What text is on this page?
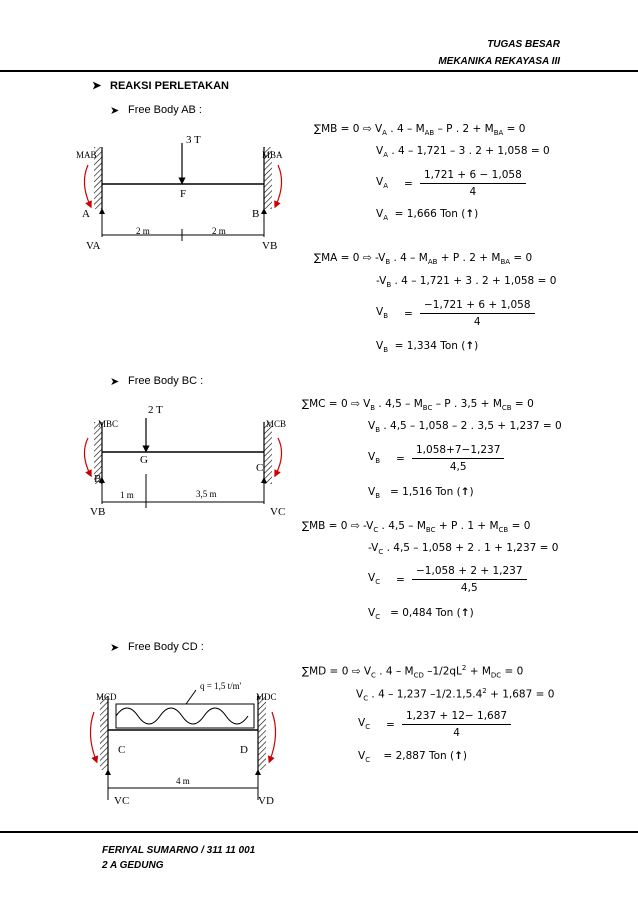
TUGAS BESAR
MEKANIKA REKAYASA III
➤ REAKSI PERLETAKAN
➤ Free Body AB :
3 T
MAB	MBA
F
A	B
2 m	2 m
VA	VB
∑MB = 0 ⇨ $V_A$ . $4 - M_{AB}$ – P . $2 + M_{BA} = 0$
$V_A$ . 4 – 1,721 – 3 . 2 + 1,058 = 0
$V_A$	= $\frac{1,721 + 6 - 1,058}{4}$
$V_A = 1,666$ Ton (↑)
∑MA = 0 ⇨ $-V_B$ . $4 - M_{AB} + P$ . $2 + M_{BA} = 0$
$-V_B$ . 4 – 1,721 + 3 . 2 + 1,058 = 0
$V_B$	= $\frac{-1,721 + 6 + 1,058}{4}$
$V_B = 1,334$ Ton (↑)
➤ Free Body BC :
2 T
MBC	MCB
G
C
B
1 m	3,5 m
VB	VC
∑MC = 0 ⇨ $V_B$ . $4,5 - M_{BC}$ – P . $3,5 + M_{CB} = 0$
$V_B$ . 4,5 – 1,058 – 2 . 3,5 + 1,237 = 0
$V_B$	= $\frac{1,058+7-1,237}{4,5}$
$V_B = 1,516$ Ton (↑)
∑MB = 0 ⇨ $-V_C$ . $4,5 - M_{BC} + P$ . $1 + M_{CB} = 0$
$-V_C$ . 4,5 – 1,058 + 2 . 1 + 1,237 = 0
$V_C$	= $\frac{-1,058 + 2 + 1,237}{4,5}$
$V_C = 0,484$ Ton (↑)
➤ Free Body CD :
q = 1,5 t/m'
MCD	MDC
C	D
4 m
VC	VD
∑MD = 0 ⇨ $V_C$ . $4 - M_{CD}$ $-1/2qL^2 + M_{DC} = 0$
$V_C$ . 4 – 1,237 $-1/2.1,5.4^2 + 1,687 = 0$
$V_C$	= $\frac{1,237 + 12- 1,687}{4}$
$V_C$    = 2,887 Ton (↑)
FERIYAL SUMARNO / 311 11 001
2 A GEDUNG
